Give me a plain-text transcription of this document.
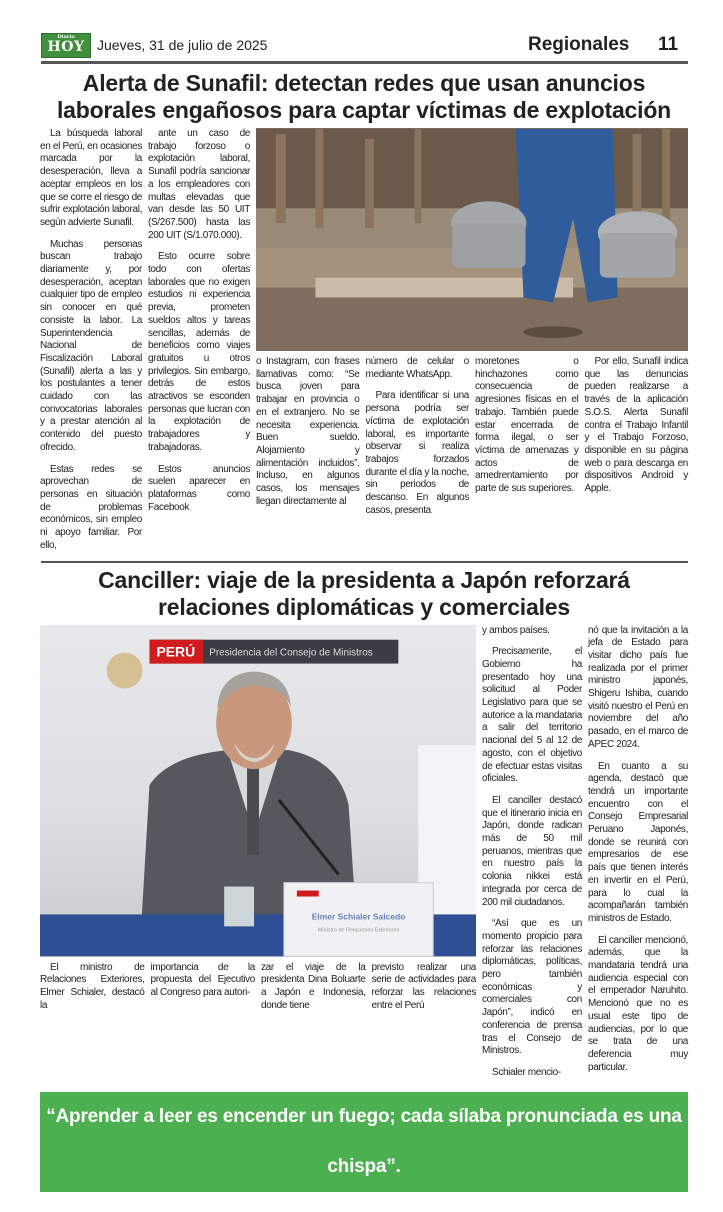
Diario
HOY Jueves, 31 de julio de 2025	Regionales 11
Alerta de Sunafil: detectan redes que usan anuncios
laborales engañosos para captar víctimas de explotación

La búsqueda laboral en el Perú, en ocasiones marcada por la desesperación, lleva a aceptar empleos en los que se corre el riesgo de sufrir explotación laboral, según advierte Sunafil.

Muchas personas buscan trabajo diariamente y, por desesperación, aceptan cualquier tipo de empleo sin conocer en qué consiste la labor. La Superintendencia Nacional de Fiscalización Laboral (Sunafil) alerta a las y los postulantes a tener cuidado con las convocatorias laborales y a prestar atención al contenido del puesto ofrecido.

Estas redes se aprovechan de personas en situación de problemas económicos, sin empleo ni apoyo familiar. Por ello,

ante un caso de trabajo forzoso o explotación laboral, Sunafil podría sancionar a los empleadores con multas elevadas que van desde las 50 UIT (S/267.500) hasta las 200 UIT (S/1.070.000).

Esto ocurre sobre todo con ofertas laborales que no exigen estudios ni experiencia previa, prometen sueldos altos y tareas sencillas, además de beneficios como viajes gratuitos u otros privilegios. Sin embargo, detrás de estos atractivos se esconden personas que lucran con la explotación de trabajadores y trabajadoras.

Estos anuncios suelen aparecer en plataformas como Facebook

o Instagram, con frases llamativas como: “Se busca joven para trabajar en provincia o en el extranjero. No se necesita experiencia. Buen sueldo. Alojamiento y alimentación incluidos”. Incluso, en algunos casos, los mensajes llegan directamente al

número de celular o mediante WhatsApp.

Para identificar si una persona podría ser víctima de explotación laboral, es importante observar si realiza trabajos forzados durante el día y la noche, sin periodos de descanso. En algunos casos, presenta

moretones o hinchazones como consecuencia de agresiones físicas en el trabajo. También puede estar encerrada de forma ilegal, o ser víctima de amenazas y actos de amedrentamiento por parte de sus superiores.

Por ello, Sunafil indica que las denuncias pueden realizarse a través de la aplicación S.O.S. Alerta Sunafil contra el Trabajo Infantil y el Trabajo Forzoso, disponible en su página web o para descarga en dispositivos Android y Apple.

Canciller: viaje de la presidenta a Japón reforzará
relaciones diplomáticas y comerciales
PERÚ Presidencia del Consejo de Ministros
Elmer Schialer Salcedo
Ministro de Relaciones Exteriores

El ministro de Relaciones Exteriores, Elmer Schialer, destacó la

importancia de la propuesta del Ejecutivo al Congreso para autori-

zar el viaje de la presidenta Dina Boluarte a Japón e Indonesia, donde tiene

previsto realizar una serie de actividades para reforzar las relaciones entre el Perú

y ambos países.

Precisamente, el Gobierno ha presentado hoy una solicitud al Poder Legislativo para que se autorice a la mandataria a salir del territorio nacional del 5 al 12 de agosto, con el objetivo de efectuar estas visitas oficiales.

El canciller destacó que el itinerario inicia en Japón, donde radican más de 50 mil peruanos, mientras que en nuestro país la colonia nikkei está integrada por cerca de 200 mil ciudadanos.

“Así que es un momento propicio para reforzar las relaciones diplomáticas, políticas, pero también económicas y comerciales con Japón”, indicó en conferencia de prensa tras el Consejo de Ministros.

Schialer mencio-

nó que la invitación a la jefa de Estado para visitar dicho país fue realizada por el primer ministro japonés, Shigeru Ishiba, cuando visitó nuestro el Perú en noviembre del año pasado, en el marco de APEC 2024.

En cuanto a su agenda, destacó que tendrá un importante encuentro con el Consejo Empresarial Peruano Japonés, donde se reunirá con empresarios de ese país que tienen interés en invertir en el Perú, para lo cual la acompañarán también ministros de Estado.

El canciller mencionó, además, que la mandataria tendrá una audiencia especial con el emperador Naruhito. Mencionó que no es usual este tipo de audiencias, por lo que se trata de una deferencia muy particular.

“Aprender a leer es encender un fuego; cada sílaba pronunciada es una chispa”.
